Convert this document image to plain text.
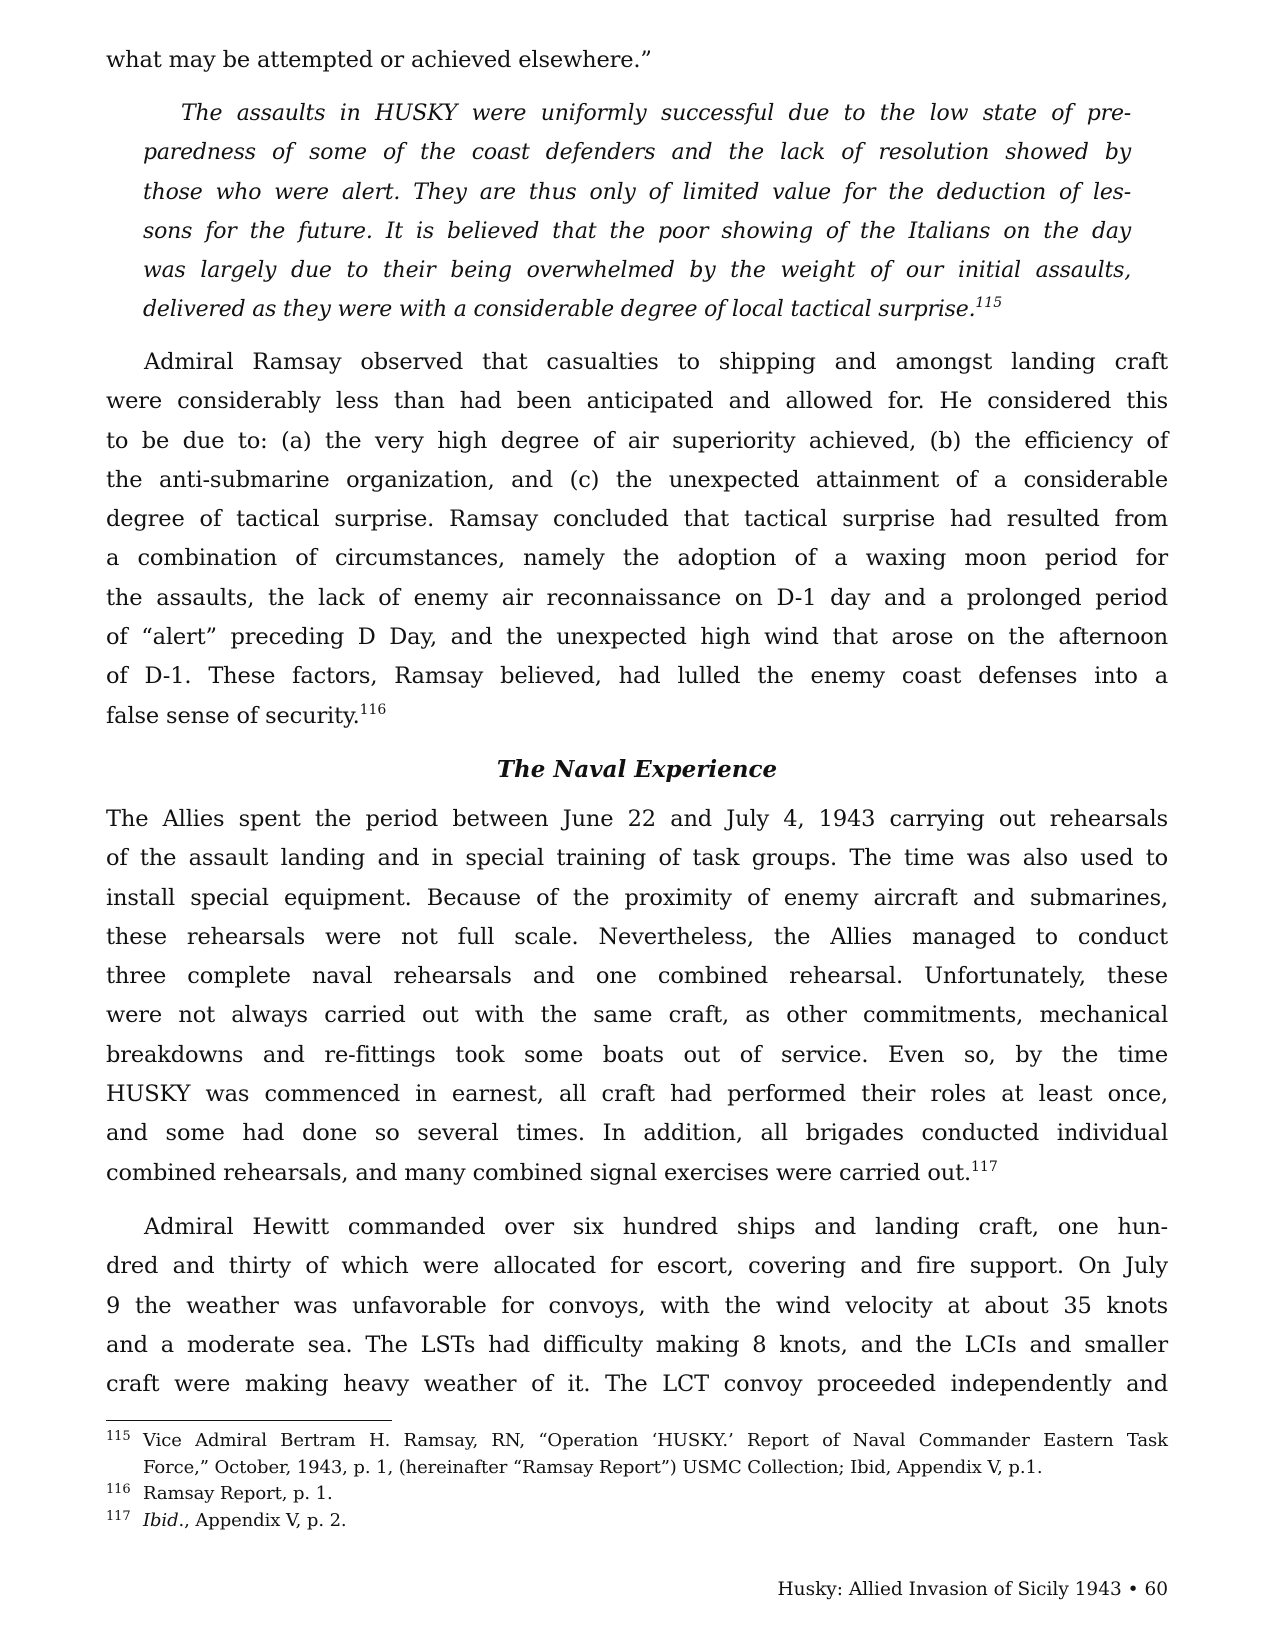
what may be attempted or achieved elsewhere.”
The assaults in HUSKY were uniformly successful due to the low state of pre-
paredness of some of the coast defenders and the lack of resolution showed by
those who were alert. They are thus only of limited value for the deduction of les-
sons for the future. It is believed that the poor showing of the Italians on the day
was largely due to their being overwhelmed by the weight of our initial assaults,
delivered as they were with a considerable degree of local tactical surprise.$^{115}$
Admiral Ramsay observed that casualties to shipping and amongst landing craft
were considerably less than had been anticipated and allowed for. He considered this
to be due to: (a) the very high degree of air superiority achieved, (b) the efficiency of
the anti-submarine organization, and (c) the unexpected attainment of a considerable
degree of tactical surprise. Ramsay concluded that tactical surprise had resulted from
a combination of circumstances, namely the adoption of a waxing moon period for
the assaults, the lack of enemy air reconnaissance on D-1 day and a prolonged period
of “alert” preceding D Day, and the unexpected high wind that arose on the afternoon
of D-1. These factors, Ramsay believed, had lulled the enemy coast defenses into a
false sense of security.$^{116}$
The Naval Experience
The Allies spent the period between June 22 and July 4, 1943 carrying out rehearsals
of the assault landing and in special training of task groups. The time was also used to
install special equipment. Because of the proximity of enemy aircraft and submarines,
these rehearsals were not full scale. Nevertheless, the Allies managed to conduct
three complete naval rehearsals and one combined rehearsal. Unfortunately, these
were not always carried out with the same craft, as other commitments, mechanical
breakdowns and re-fittings took some boats out of service. Even so, by the time
HUSKY was commenced in earnest, all craft had performed their roles at least once,
and some had done so several times. In addition, all brigades conducted individual
combined rehearsals, and many combined signal exercises were carried out.$^{117}$
Admiral Hewitt commanded over six hundred ships and landing craft, one hun-
dred and thirty of which were allocated for escort, covering and fire support. On July
9 the weather was unfavorable for convoys, with the wind velocity at about 35 knots
and a moderate sea. The LSTs had difficulty making 8 knots, and the LCIs and smaller
craft were making heavy weather of it. The LCT convoy proceeded independently and
115 Vice Admiral Bertram H. Ramsay, RN, “Operation ‘HUSKY.’ Report of Naval Commander Eastern Task
Force,” October, 1943, p. 1, (hereinafter “Ramsay Report”) USMC Collection; Ibid, Appendix V, p.1.
116 Ramsay Report, p. 1.
117 Ibid., Appendix V, p. 2.
Husky: Allied Invasion of Sicily 1943 • 60
